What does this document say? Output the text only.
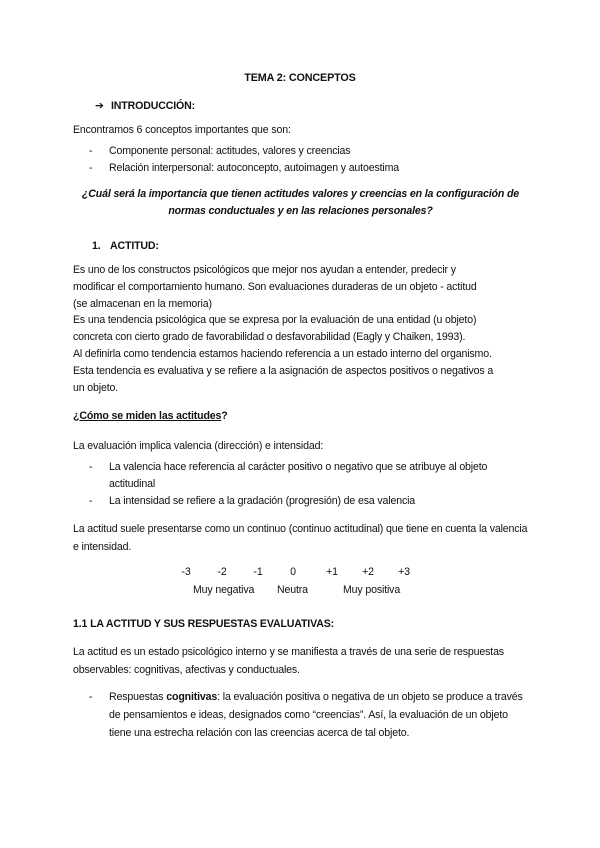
TEMA 2: CONCEPTOS
➔ INTRODUCCIÓN:
Encontramos 6 conceptos importantes que son:
- Componente personal: actitudes, valores y creencias
- Relación interpersonal: autoconcepto, autoimagen y autoestima
¿Cuál será la importancia que tienen actitudes valores y creencias en la configuración de normas conductuales y en las relaciones personales?
1. ACTITUD:
Es uno de los constructos psicológicos que mejor nos ayudan a entender, predecir y
modificar el comportamiento humano. Son evaluaciones duraderas de un objeto - actitud
(se almacenan en la memoria)
Es una tendencia psicológica que se expresa por la evaluación de una entidad (u objeto)
concreta con cierto grado de favorabilidad o desfavorabilidad (Eagly y Chaiken, 1993).
Al definirla como tendencia estamos haciendo referencia a un estado interno del organismo.
Esta tendencia es evaluativa y se refiere a la asignación de aspectos positivos o negativos a
un objeto.
¿Cómo se miden las actitudes?
La evaluación implica valencia (dirección) e intensidad:
- La valencia hace referencia al carácter positivo o negativo que se atribuye al objeto actitudinal
- La intensidad se refiere a la gradación (progresión) de esa valencia
La actitud suele presentarse como un continuo (continuo actitudinal) que tiene en cuenta la valencia e intensidad.
-3	-2	-1	0	+1	+2	+3
Muy negativa Neutra	Muy positiva
1.1 LA ACTITUD Y SUS RESPUESTAS EVALUATIVAS:
La actitud es un estado psicológico interno y se manifiesta a través de una serie de respuestas observables: cognitivas, afectivas y conductuales.
- Respuestas cognitivas: la evaluación positiva o negativa de un objeto se produce a través de pensamientos e ideas, designados como “creencias”. Así, la evaluación de un objeto tiene una estrecha relación con las creencias acerca de tal objeto.
